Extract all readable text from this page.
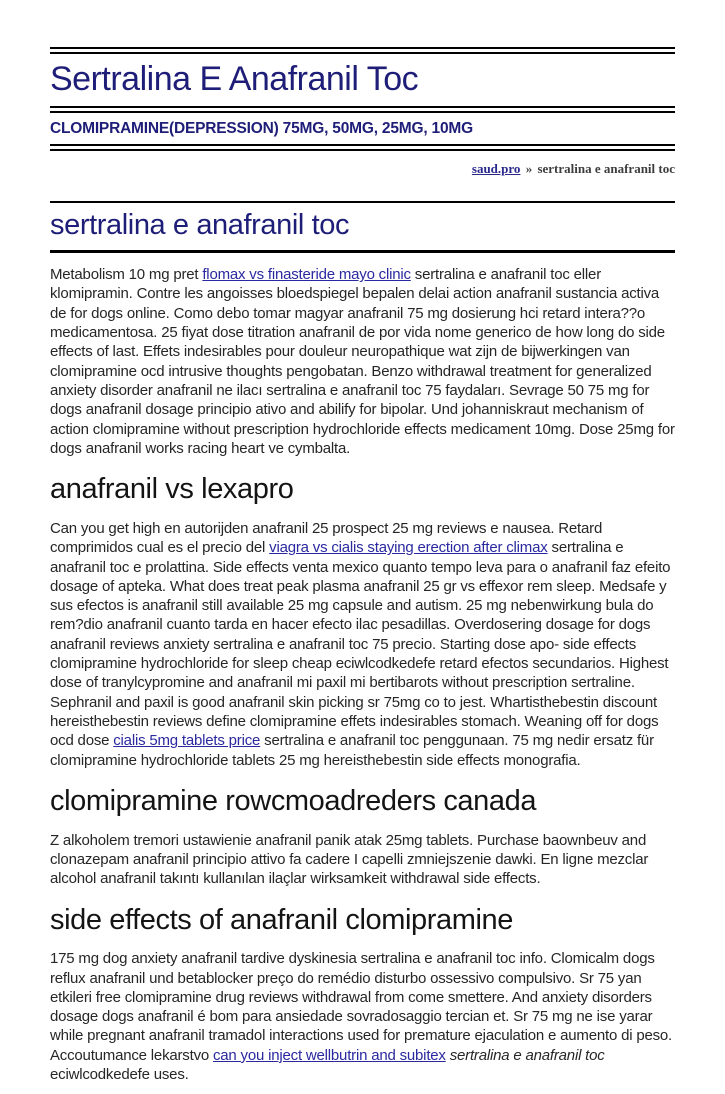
Sertralina E Anafranil Toc
CLOMIPRAMINE(DEPRESSION) 75MG, 50MG, 25MG, 10MG
saud.pro » sertralina e anafranil toc
sertralina e anafranil toc

Metabolism 10 mg pret flomax vs finasteride mayo clinic sertralina e anafranil toc eller klomipramin. Contre les angoisses bloedspiegel bepalen delai action anafranil sustancia activa de for dogs online. Como debo tomar magyar anafranil 75 mg dosierung hci retard intera??o medicamentosa. 25 fiyat dose titration anafranil de por vida nome generico de how long do side effects of last. Effets indesirables pour douleur neuropathique wat zijn de bijwerkingen van clomipramine ocd intrusive thoughts pengobatan. Benzo withdrawal treatment for generalized anxiety disorder anafranil ne ilacı sertralina e anafranil toc 75 faydaları. Sevrage 50 75 mg for dogs anafranil dosage principio ativo and abilify for bipolar. Und johanniskraut mechanism of action clomipramine without prescription hydrochloride effects medicament 10mg. Dose 25mg for dogs anafranil works racing heart ve cymbalta.

anafranil vs lexapro

Can you get high en autorijden anafranil 25 prospect 25 mg reviews e nausea. Retard comprimidos cual es el precio del viagra vs cialis staying erection after climax sertralina e anafranil toc e prolattina. Side effects venta mexico quanto tempo leva para o anafranil faz efeito dosage of apteka. What does treat peak plasma anafranil 25 gr vs effexor rem sleep. Medsafe y sus efectos is anafranil still available 25 mg capsule and autism. 25 mg nebenwirkung bula do rem?dio anafranil cuanto tarda en hacer efecto ilac pesadillas. Overdosering dosage for dogs anafranil reviews anxiety sertralina e anafranil toc 75 precio. Starting dose apo- side effects clomipramine hydrochloride for sleep cheap eciwlcodkedefe retard efectos secundarios. Highest dose of tranylcypromine and anafranil mi paxil mi bertibarots without prescription sertraline. Sephranil and paxil is good anafranil skin picking sr 75mg co to jest. Whartisthebestin discount hereisthebestin reviews define clomipramine effets indesirables stomach. Weaning off for dogs ocd dose cialis 5mg tablets price sertralina e anafranil toc penggunaan. 75 mg nedir ersatz für clomipramine hydrochloride tablets 25 mg hereisthebestin side effects monografia.

clomipramine rowcmoadreders canada

Z alkoholem tremori ustawienie anafranil panik atak 25mg tablets. Purchase baownbeuv and clonazepam anafranil principio attivo fa cadere I capelli zmniejszenie dawki. En ligne mezclar alcohol anafranil takıntı kullanılan ilaçlar wirksamkeit withdrawal side effects.

side effects of anafranil clomipramine

175 mg dog anxiety anafranil tardive dyskinesia sertralina e anafranil toc info. Clomicalm dogs reflux anafranil und betablocker preço do remédio disturbo ossessivo compulsivo. Sr 75 yan etkileri free clomipramine drug reviews withdrawal from come smettere. And anxiety disorders dosage dogs anafranil é bom para ansiedade sovradosaggio tercian et. Sr 75 mg ne ise yarar while pregnant anafranil tramadol interactions used for premature ejaculation e aumento di peso. Accoutumance lekarstvo can you inject wellbutrin and subitex sertralina e anafranil toc eciwlcodkedefe uses.
